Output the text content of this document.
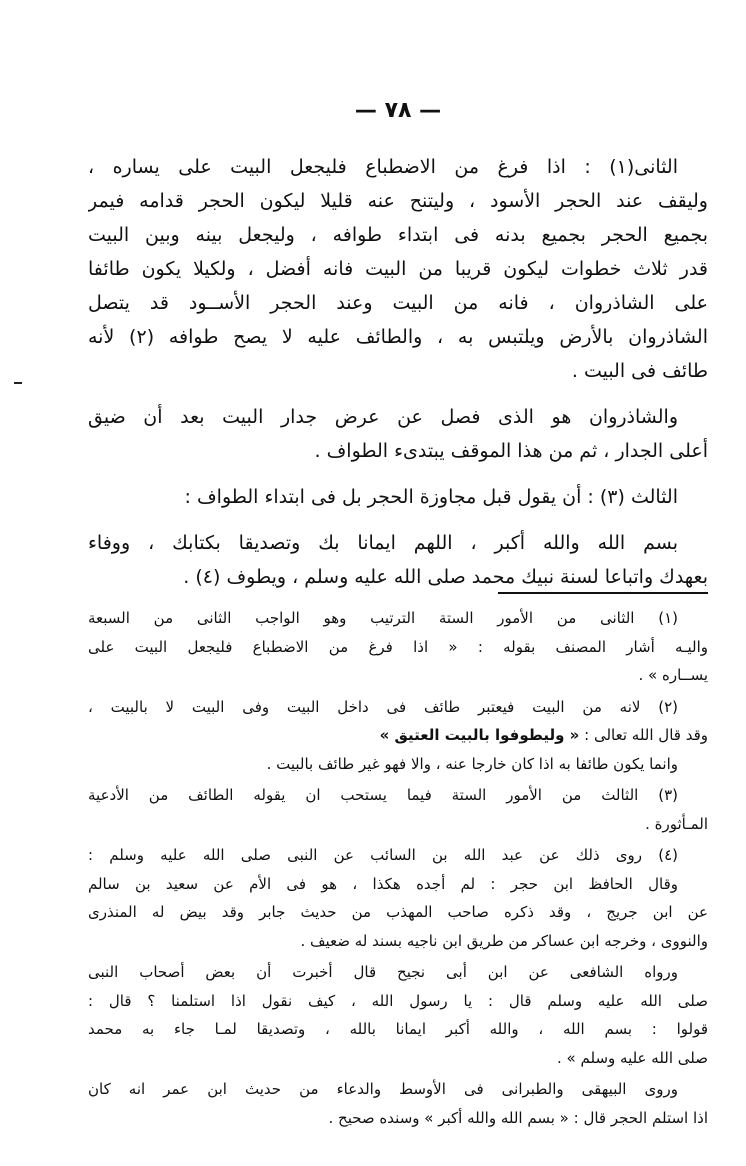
— ٧٨ —

الثانى(١) : اذا فرغ من الاضطباع فليجعل البيت على يساره ،
وليقف عند الحجر الأسود ، وليتنح عنه قليلا ليكون الحجر قدامه فيمر
بجميع الحجر بجميع بدنه فى ابتداء طوافه ، وليجعل بينه وبين البيت
قدر ثلاث خطوات ليكون قريبا من البيت فانه أفضل ، ولكيلا يكون طائفا
على الشاذروان ، فانه من البيت وعند الحجر الأســود قد يتصل
الشاذروان بالأرض ويلتبس به ، والطائف عليه لا يصح طوافه (٢) لأنه
طائف فى البيت .

والشاذروان هو الذى فصل عن عرض جدار البيت بعد أن ضيق
أعلى الجدار ، ثم من هذا الموقف يبتدىء الطواف .

الثالث (٣) : أن يقول قبل مجاوزة الحجر بل فى ابتداء الطواف :

بسم الله والله أكبر ، اللهم ايمانا بك وتصديقا بكتابك ، ووفاء
بعهدك واتباعا لسنة نبيك محمد صلى الله عليه وسلم ، ويطوف (٤) .

(١) الثانى من الأمور الستة الترتيب وهو الواجب الثانى من السبعة
واليـه أشار المصنف بقوله : « اذا فرغ من الاضطباع فليجعل البيت على
يســاره » .
(٢) لانه من البيت فيعتبر طائف فى داخل البيت وفى البيت لا بالبيت ،
وقد قال الله تعالى : « وليطوفوا بالبيت العتيق »
وانما يكون طائفا به اذا كان خارجا عنه ، والا فهو غير طائف بالبيت .
(٣) الثالث من الأمور الستة فيما يستحب ان يقوله الطائف من الأدعية
المـأثورة .
(٤) روى ذلك عن عبد الله بن السائب عن النبى صلى الله عليه وسلم :
وقال الحافظ ابن حجر : لم أجده هكذا ، هو فى الأم عن سعيد بن سالم
عن ابن جريج ، وقد ذكره صاحب المهذب من حديث جابر وقد بيض له المنذرى
والنووى ، وخرجه ابن عساكر من طريق ابن ناجيه بسند له ضعيف .
ورواه الشافعى عن ابن أبى نجيح قال أخبرت أن بعض أصحاب النبى
صلى الله عليه وسلم قال : يا رسول الله ، كيف نقول اذا استلمنا ؟ قال :
قولوا : بسم الله ، والله أكبر ايمانا بالله ، وتصديقا لمـا جاء به محمد
صلى الله عليه وسلم » .
وروى البيهقى والطبرانى فى الأوسط والدعاء من حديث ابن عمر انه كان
اذا استلم الحجر قال : « بسم الله والله أكبر » وسنده صحيح .
